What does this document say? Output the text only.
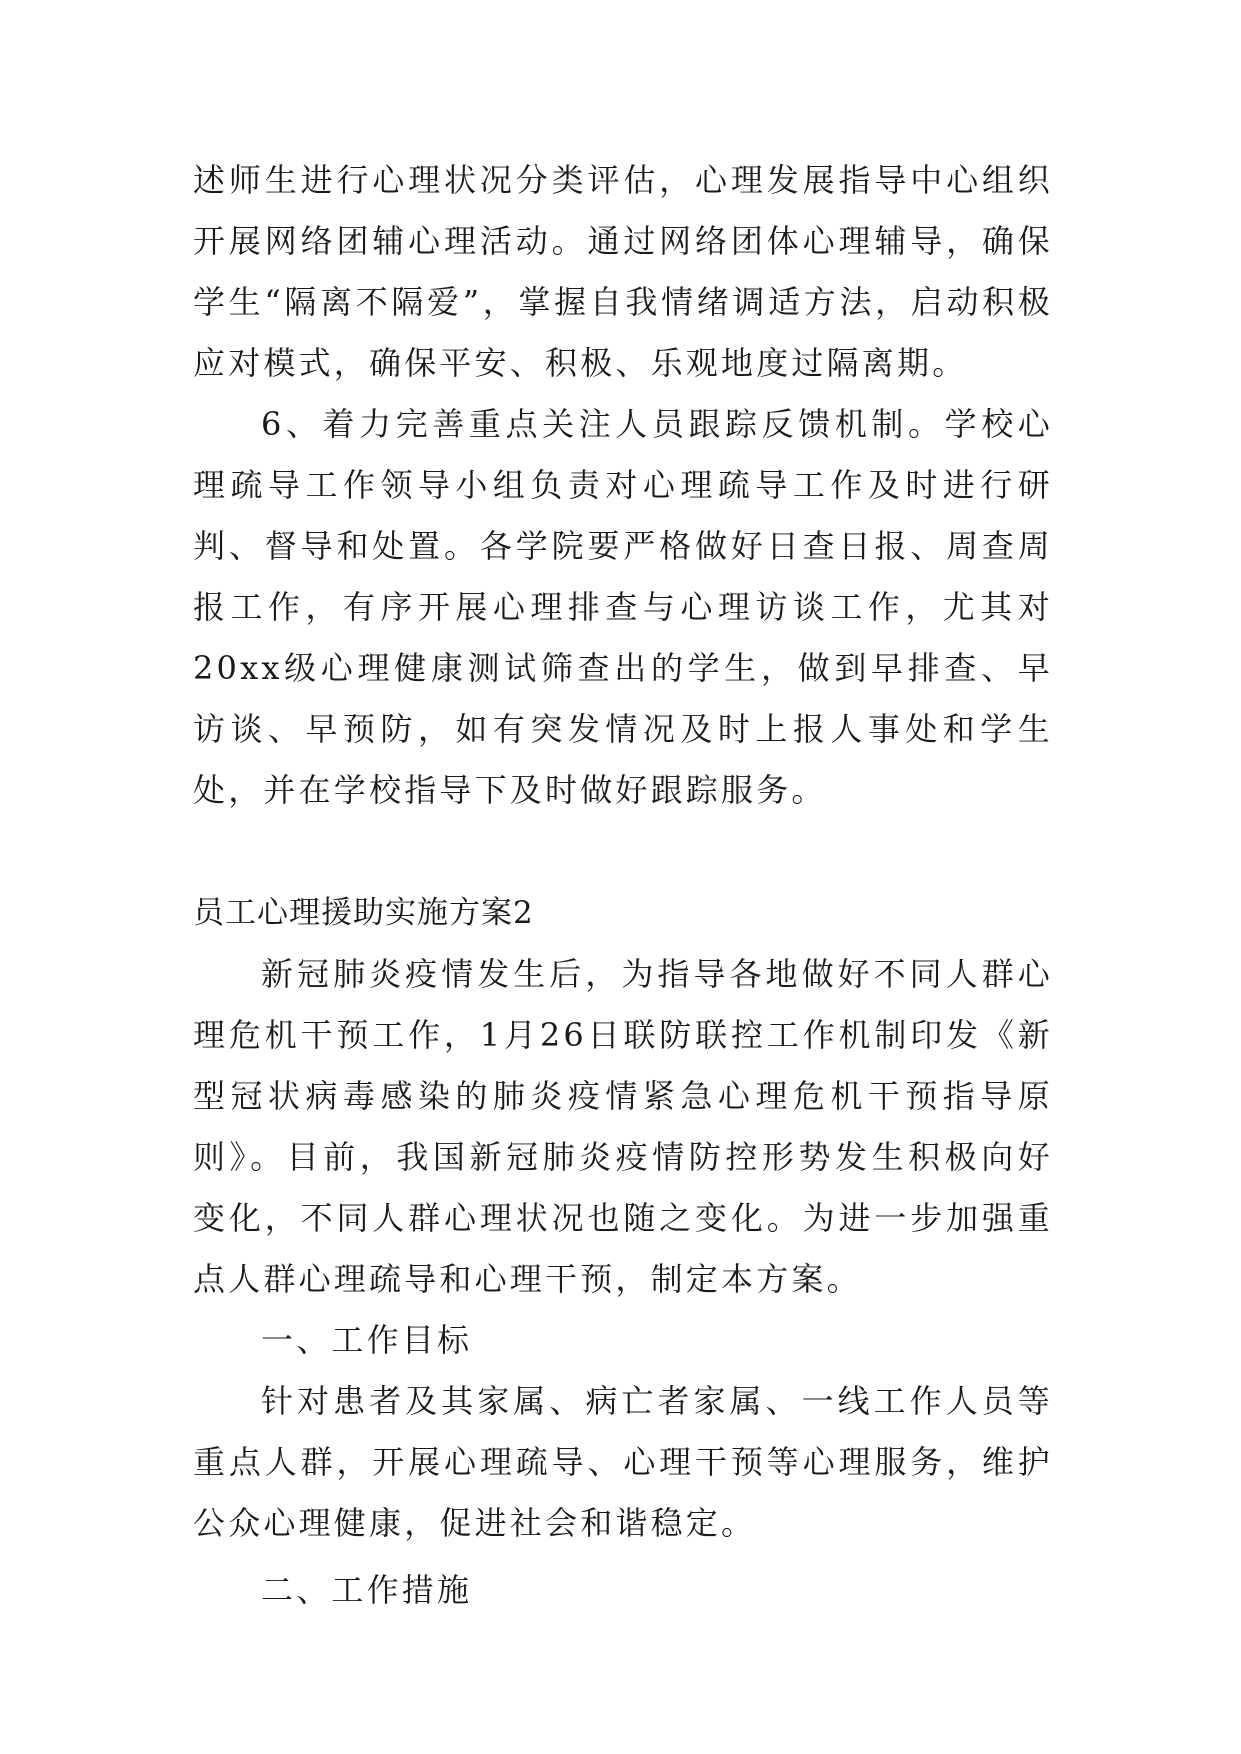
述师生进行心理状况分类评估，心理发展指导中心组织开展网络团辅心理活动。通过网络团体心理辅导，确保学生“隔离不隔爱”，掌握自我情绪调适方法，启动积极应对模式，确保平安、积极、乐观地度过隔离期。

6、着力完善重点关注人员跟踪反馈机制。学校心理疏导工作领导小组负责对心理疏导工作及时进行研判、督导和处置。各学院要严格做好日查日报、周查周报工作，有序开展心理排查与心理访谈工作，尤其对20xx级心理健康测试筛查出的学生，做到早排查、早访谈、早预防，如有突发情况及时上报人事处和学生处，并在学校指导下及时做好跟踪服务。

员工心理援助实施方案2

新冠肺炎疫情发生后，为指导各地做好不同人群心理危机干预工作，1月26日联防联控工作机制印发《新型冠状病毒感染的肺炎疫情紧急心理危机干预指导原则》。目前，我国新冠肺炎疫情防控形势发生积极向好变化，不同人群心理状况也随之变化。为进一步加强重点人群心理疏导和心理干预，制定本方案。

一、工作目标

针对患者及其家属、病亡者家属、一线工作人员等重点人群，开展心理疏导、心理干预等心理服务，维护公众心理健康，促进社会和谐稳定。

二、工作措施
